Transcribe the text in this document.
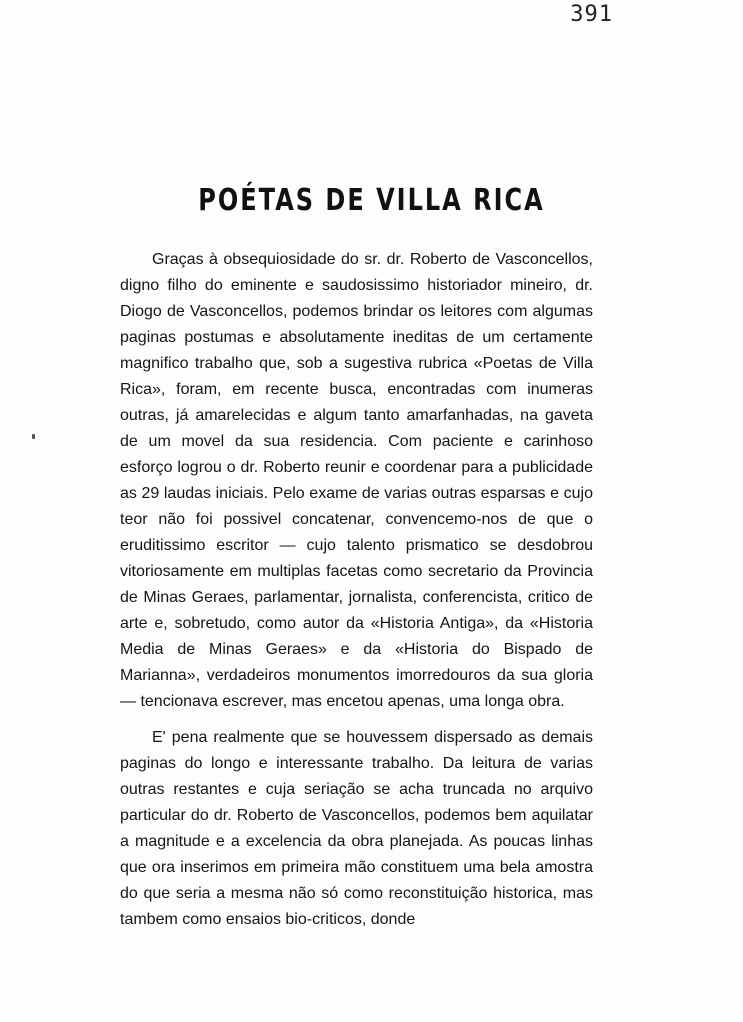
391
POÉTAS DE VILLA RICA

Graças à obsequiosidade do sr. dr. Roberto de Vasconcellos, digno filho do eminente e saudosissimo historiador mineiro, dr. Diogo de Vasconcellos, podemos brindar os leitores com algumas paginas postumas e absolutamente ineditas de um certamente magnifico trabalho que, sob a sugestiva rubrica «Poetas de Villa Rica», foram, em recente busca, encontradas com inumeras outras, já amarelecidas e algum tanto amarfanhadas, na gaveta de um movel da sua residencia. Com paciente e carinhoso esforço logrou o dr. Roberto reunir e coordenar para a publicidade as 29 laudas iniciais. Pelo exame de varias outras esparsas e cujo teor não foi possivel concatenar, convencemo-nos de que o eruditissimo escritor — cujo talento prismatico se desdobrou vitoriosamente em multiplas facetas como secretario da Provincia de Minas Geraes, parlamentar, jornalista, conferencista, critico de arte e, sobretudo, como autor da «Historia Antiga», da «Historia Media de Minas Geraes» e da «Historia do Bispado de Marianna», verdadeiros monumentos imorredouros da sua gloria — tencionava escrever, mas encetou apenas, uma longa obra.

E' pena realmente que se houvessem dispersado as demais paginas do longo e interessante trabalho. Da leitura de varias outras restantes e cuja seriação se acha truncada no arquivo particular do dr. Roberto de Vasconcellos, podemos bem aquilatar a magnitude e a excelencia da obra planejada. As poucas linhas que ora inserimos em primeira mão constituem uma bela amostra do que seria a mesma não só como reconstituição historica, mas tambem como ensaios bio-criticos, donde
